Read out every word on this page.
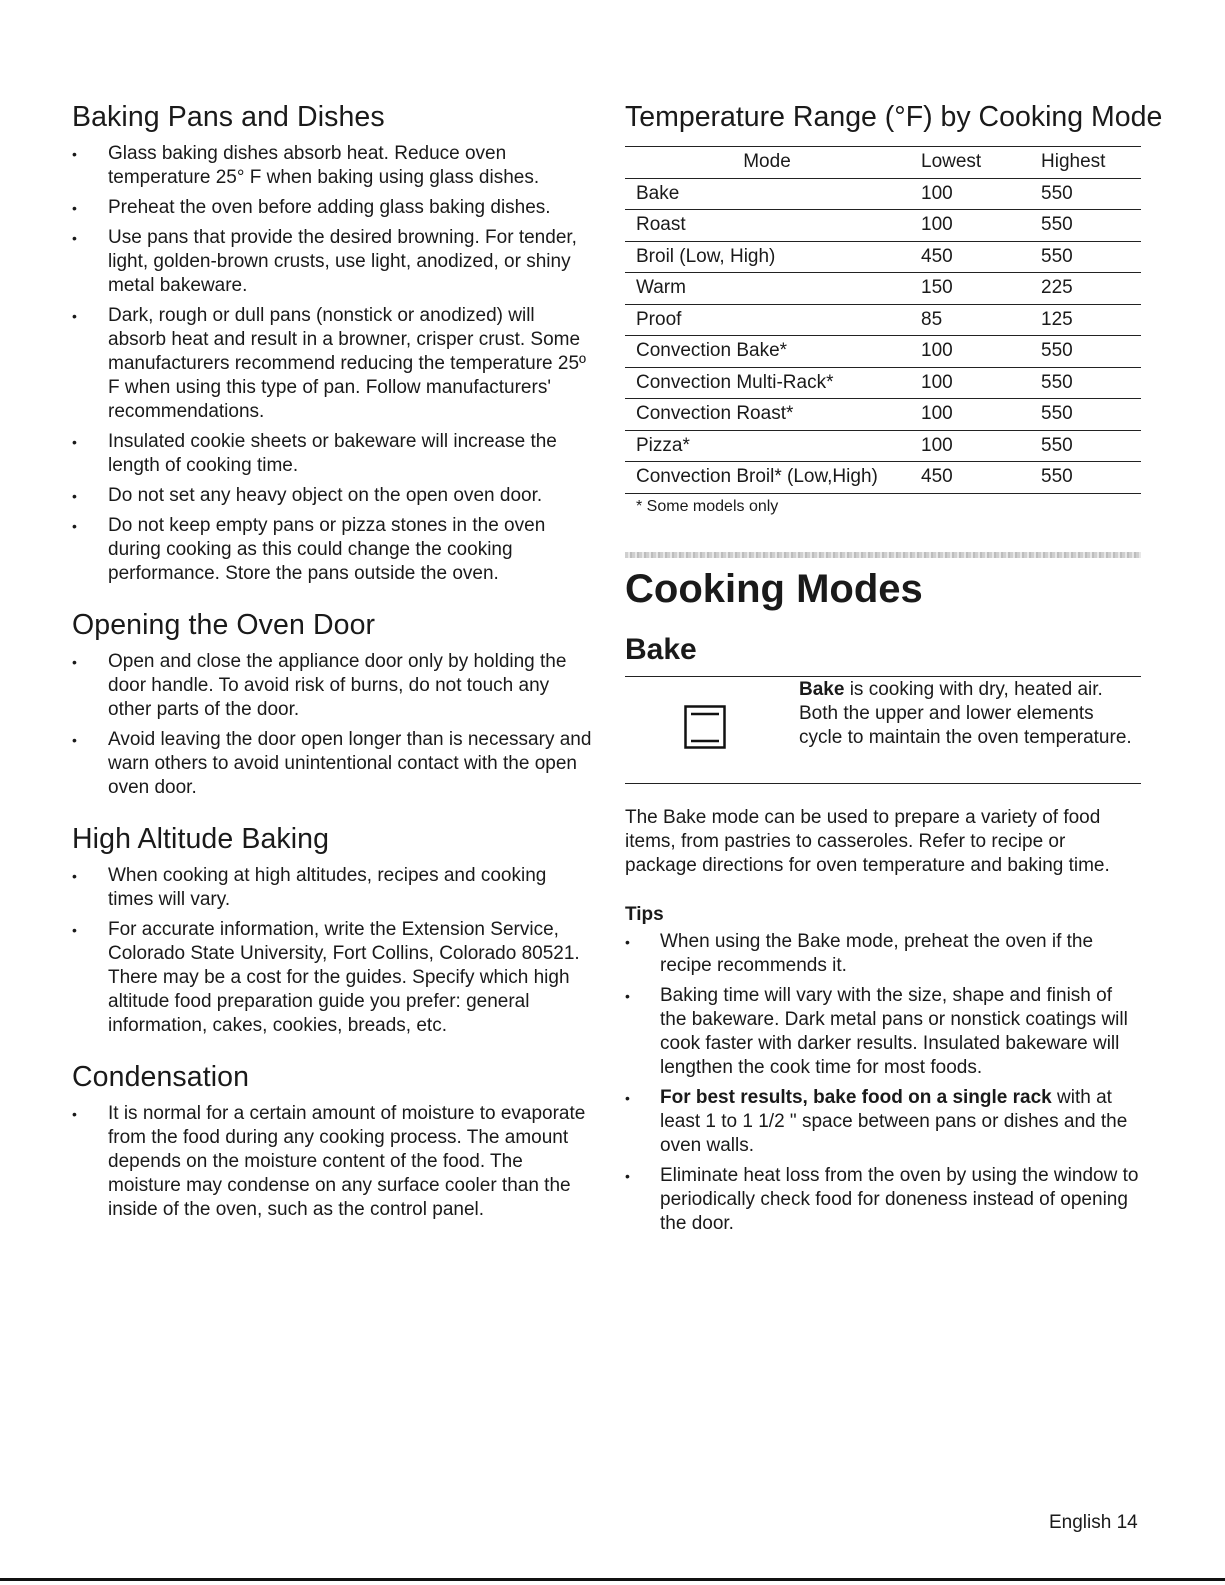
Baking Pans and Dishes
• Glass baking dishes absorb heat. Reduce oven temperature 25° F when baking using glass dishes.
• Preheat the oven before adding glass baking dishes.
• Use pans that provide the desired browning. For tender, light, golden-brown crusts, use light, anodized, or shiny metal bakeware.
• Dark, rough or dull pans (nonstick or anodized) will absorb heat and result in a browner, crisper crust. Some manufacturers recommend reducing the temperature 25º F when using this type of pan. Follow manufacturers' recommendations.
• Insulated cookie sheets or bakeware will increase the length of cooking time.
• Do not set any heavy object on the open oven door.
• Do not keep empty pans or pizza stones in the oven during cooking as this could change the cooking performance. Store the pans outside the oven.
Opening the Oven Door
• Open and close the appliance door only by holding the door handle. To avoid risk of burns, do not touch any other parts of the door.
• Avoid leaving the door open longer than is necessary and warn others to avoid unintentional contact with the open oven door.
High Altitude Baking
• When cooking at high altitudes, recipes and cooking times will vary.
• For accurate information, write the Extension Service, Colorado State University, Fort Collins, Colorado 80521. There may be a cost for the guides. Specify which high altitude food preparation guide you prefer: general information, cakes, cookies, breads, etc.
Condensation
• It is normal for a certain amount of moisture to evaporate from the food during any cooking process. The amount depends on the moisture content of the food. The moisture may condense on any surface cooler than the inside of the oven, such as the control panel.
Temperature Range (°F) by Cooking Mode
Mode	Lowest	Highest
Bake	100	550
Roast	100	550
Broil (Low, High)	450	550
Warm	150	225
Proof	85	125
Convection Bake*	100	550
Convection Multi-Rack*	100	550
Convection Roast*	100	550
Pizza*	100	550
Convection Broil* (Low,High)	450	550
* Some models only
Cooking Modes
Bake
Bake is cooking with dry, heated air. Both the upper and lower elements cycle to maintain the oven temperature.

The Bake mode can be used to prepare a variety of food items, from pastries to casseroles. Refer to recipe or package directions for oven temperature and baking time.

Tips
• When using the Bake mode, preheat the oven if the recipe recommends it.
• Baking time will vary with the size, shape and finish of the bakeware. Dark metal pans or nonstick coatings will cook faster with darker results. Insulated bakeware will lengthen the cook time for most foods.
• For best results, bake food on a single rack with at least 1 to 1 1/2 " space between pans or dishes and the oven walls.
• Eliminate heat loss from the oven by using the window to periodically check food for doneness instead of opening the door.
English 14
